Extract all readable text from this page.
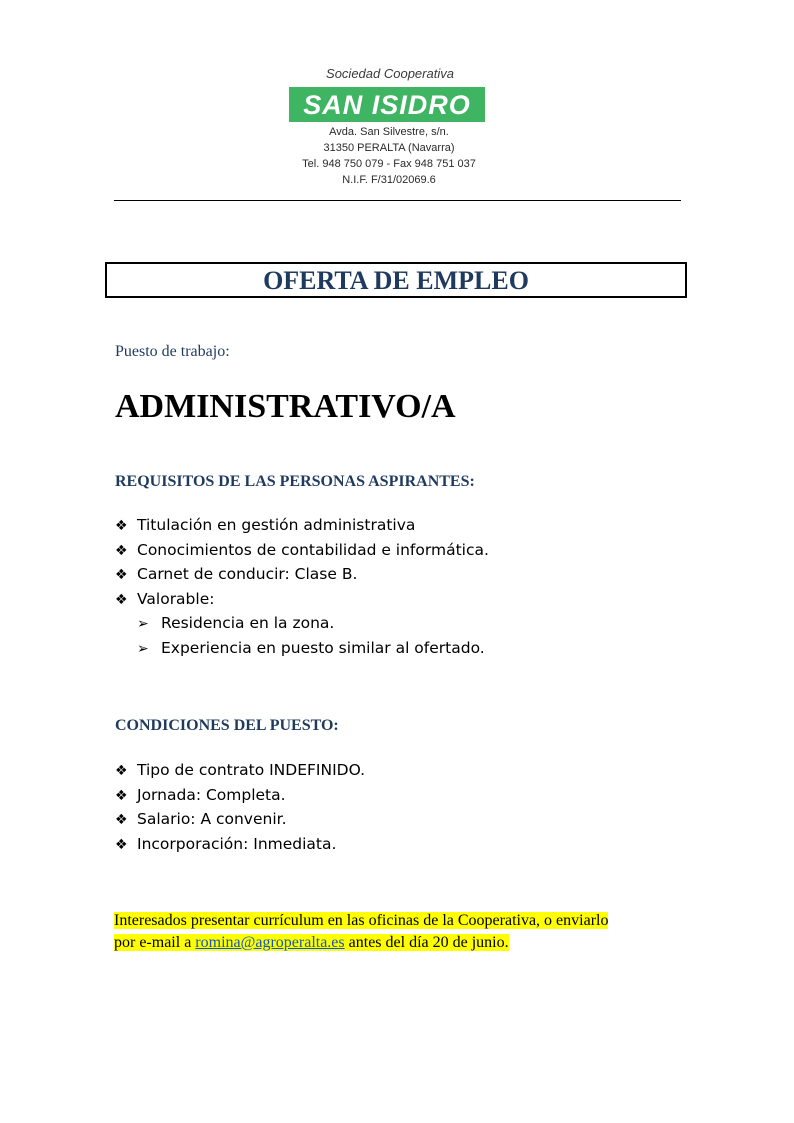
Sociedad Cooperativa
SAN ISIDRO
Avda. San Silvestre, s/n.
31350 PERALTA (Navarra)
Tel. 948 750 079 - Fax 948 751 037
N.I.F. F/31/02069.6
OFERTA DE EMPLEO
Puesto de trabajo:
ADMINISTRATIVO/A
REQUISITOS DE LAS PERSONAS ASPIRANTES:
❖ Titulación en gestión administrativa
❖ Conocimientos de contabilidad e informática.
❖ Carnet de conducir: Clase B.
❖ Valorable:
➢ Residencia en la zona.
➢ Experiencia en puesto similar al ofertado.
CONDICIONES DEL PUESTO:
❖ Tipo de contrato INDEFINIDO.
❖ Jornada: Completa.
❖ Salario: A convenir.
❖ Incorporación: Inmediata.
Interesados presentar currículum en las oficinas de la Cooperativa, o enviarlo
por e-mail a romina@agroperalta.es antes del día 20 de junio.
